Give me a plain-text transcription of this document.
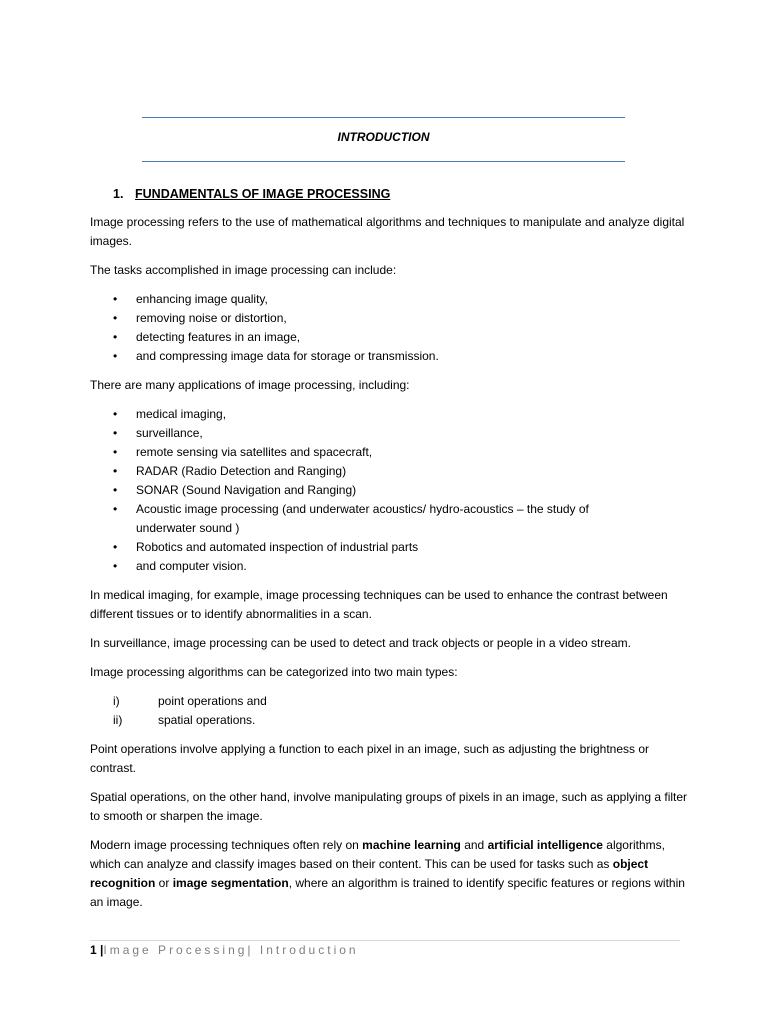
INTRODUCTION
1. FUNDAMENTALS OF IMAGE PROCESSING

Image processing refers to the use of mathematical algorithms and techniques to manipulate and analyze digital images.

The tasks accomplished in image processing can include:

• enhancing image quality,
• removing noise or distortion,
• detecting features in an image,
• and compressing image data for storage or transmission.

There are many applications of image processing, including:

• medical imaging,
• surveillance,
• remote sensing via satellites and spacecraft,
• RADAR (Radio Detection and Ranging)
• SONAR (Sound Navigation and Ranging)
• Acoustic image processing (and underwater acoustics/ hydro-acoustics – the study of underwater sound )
• Robotics and automated inspection of industrial parts
• and computer vision.

In medical imaging, for example, image processing techniques can be used to enhance the contrast between different tissues or to identify abnormalities in a scan.

In surveillance, image processing can be used to detect and track objects or people in a video stream.

Image processing algorithms can be categorized into two main types:

i)	point operations and
ii)	spatial operations.

Point operations involve applying a function to each pixel in an image, such as adjusting the brightness or contrast.

Spatial operations, on the other hand, involve manipulating groups of pixels in an image, such as applying a filter to smooth or sharpen the image.

Modern image processing techniques often rely on machine learning and artificial intelligence algorithms, which can analyze and classify images based on their content. This can be used for tasks such as object recognition or image segmentation, where an algorithm is trained to identify specific features or regions within an image.

1 |Image Processing| Introduction
